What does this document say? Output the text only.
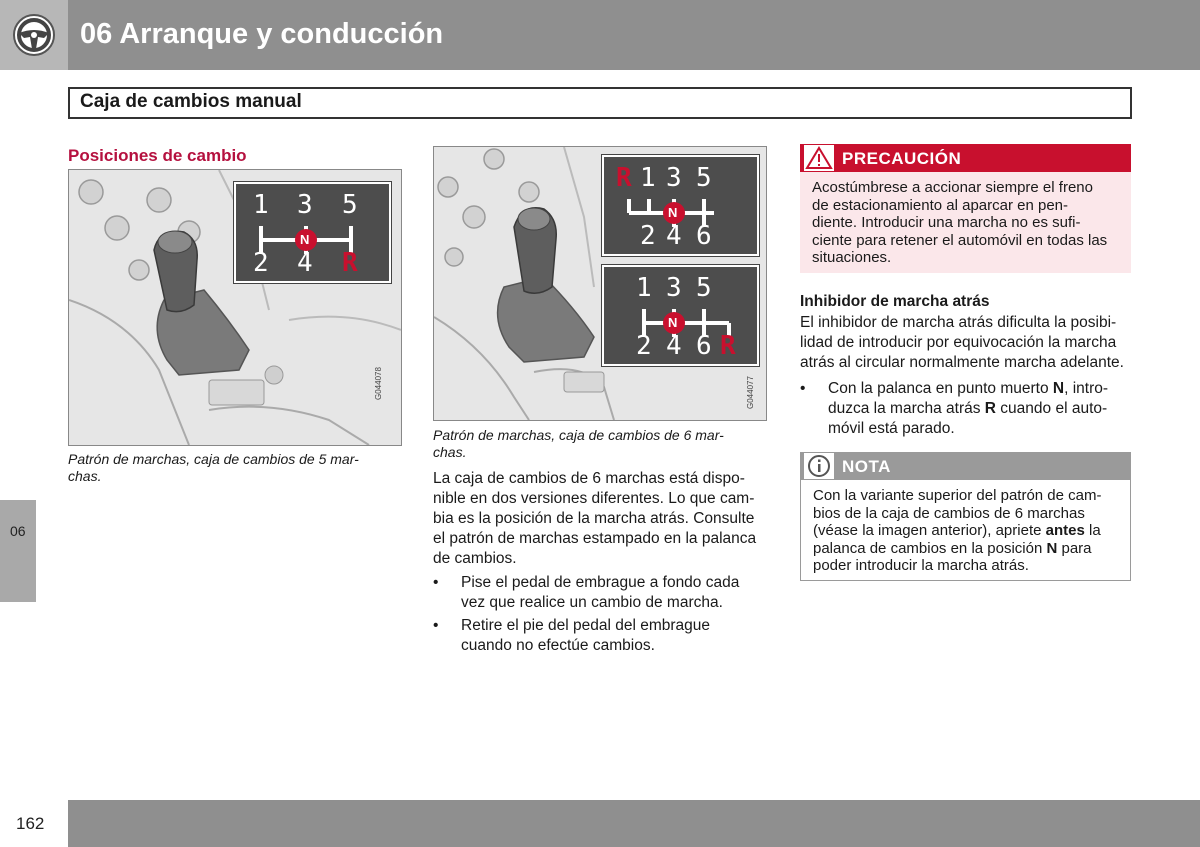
06 Arranque y conducción
Caja de cambios manual
06
Posiciones de cambio
1 3 5
2 4 R
N
G044078
Patrón de marchas, caja de cambios de 5 mar-
chas.
R 1 3 5
2 4 6
N
1 3 5
2 4 6 R
N
G044077
Patrón de marchas, caja de cambios de 6 mar-
chas.
La caja de cambios de 6 marchas está dispo-
nible en dos versiones diferentes. Lo que cam-
bia es la posición de la marcha atrás. Consulte
el patrón de marchas estampado en la palanca
de cambios.
• Pise el pedal de embrague a fondo cada
vez que realice un cambio de marcha.
• Retire el pie del pedal del embrague
cuando no efectúe cambios.
PRECAUCIÓN
Acostúmbrese a accionar siempre el freno
de estacionamiento al aparcar en pen-
diente. Introducir una marcha no es sufi-
ciente para retener el automóvil en todas las
situaciones.
Inhibidor de marcha atrás
El inhibidor de marcha atrás dificulta la posibi-
lidad de introducir por equivocación la marcha
atrás al circular normalmente marcha adelante.
• Con la palanca en punto muerto N, intro-
duzca la marcha atrás R cuando el auto-
móvil está parado.
NOTA
Con la variante superior del patrón de cam-
bios de la caja de cambios de 6 marchas
(véase la imagen anterior), apriete antes la
palanca de cambios en la posición N para
poder introducir la marcha atrás.
162
